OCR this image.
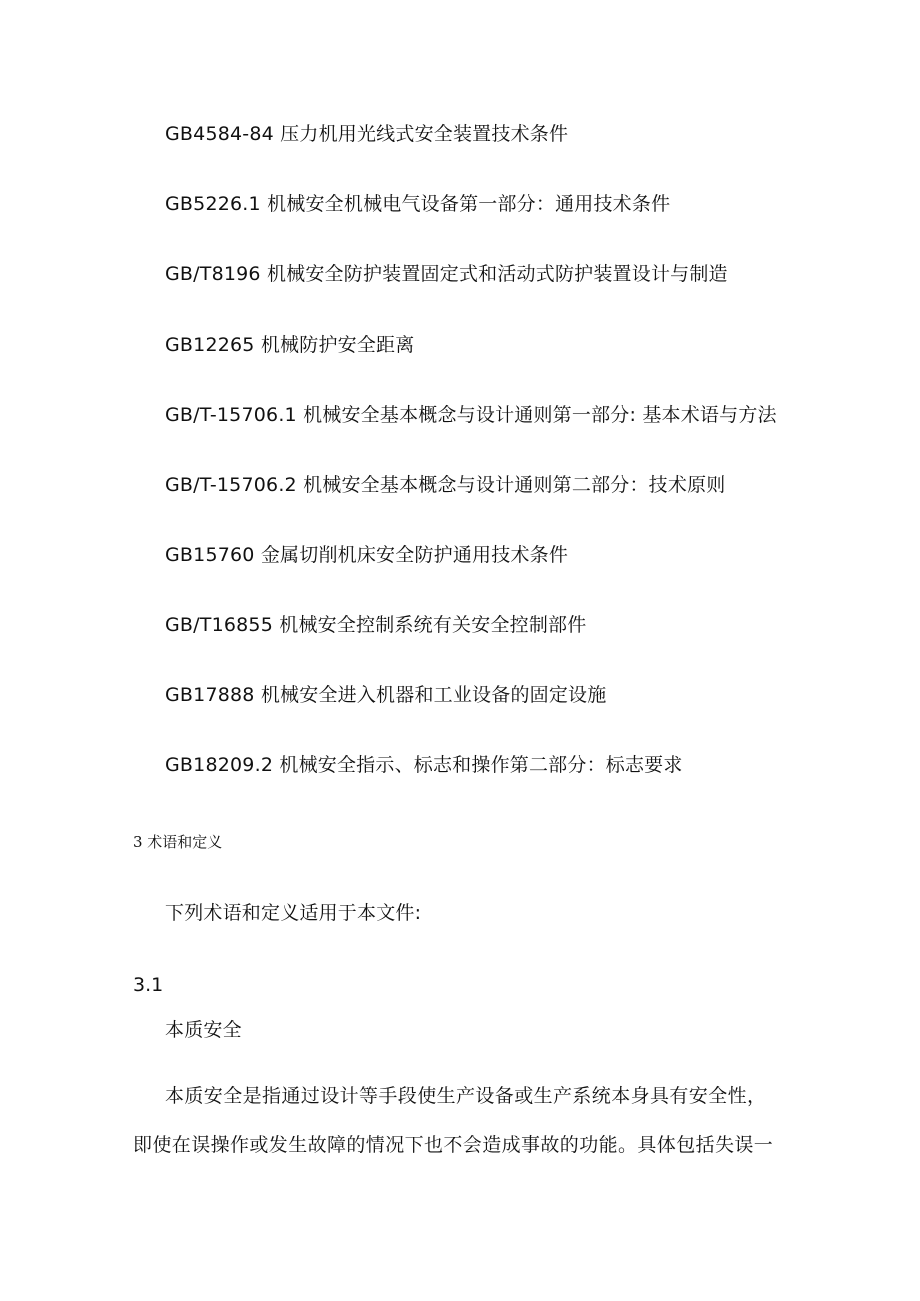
GB4584-84 压力机用光线式安全装置技术条件
GB5226.1 机械安全机械电气设备第一部分：通用技术条件
GB/T8196 机械安全防护装置固定式和活动式防护装置设计与制造
GB12265 机械防护安全距离
GB/T-15706.1 机械安全基本概念与设计通则第一部分: 基本术语与方法
GB/T-15706.2 机械安全基本概念与设计通则第二部分：技术原则
GB15760 金属切削机床安全防护通用技术条件
GB/T16855 机械安全控制系统有关安全控制部件
GB17888 机械安全进入机器和工业设备的固定设施
GB18209.2 机械安全指示、标志和操作第二部分：标志要求
3 术语和定义
下列术语和定义适用于本文件:
3.1
本质安全
本质安全是指通过设计等手段使生产设备或生产系统本身具有安全性，
即使在误操作或发生故障的情况下也不会造成事故的功能。具体包括失误一
